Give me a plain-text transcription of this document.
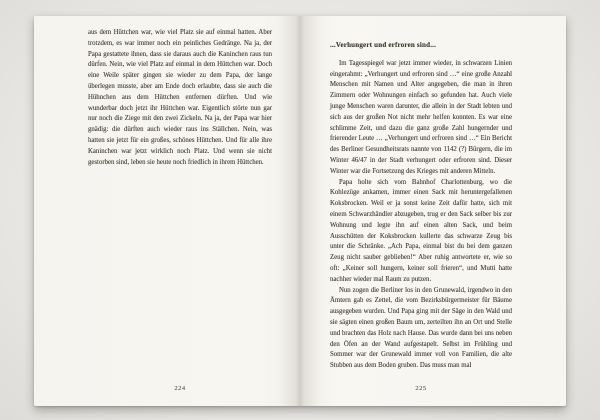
aus dem Hüttchen war, wie viel Platz sie auf einmal hatten. Aber trotzdem, es war immer noch ein peinliches Gedränge. Na ja, der Papa gestattete ihnen, dass sie daraus auch die Kaninchen raus tun dürfen. Nein, wie viel Platz auf einmal in dem Hüttchen war. Doch eine Weile später gingen sie wieder zu dem Papa, der lange überlegen musste, aber am Ende doch erlaubte, dass sie auch die Hühnchen aus dem Hüttchen entfernen dürften. Und wie wunderbar doch jetzt ihr Hüttchen war. Eigentlich störte nun gar nur noch die Ziege mit den zwei Zickeln. Na ja, der Papa war hier gnädig: die dürften auch wieder raus ins Ställchen. Nein, was hatten sie jetzt für ein großes, schönes Hüttchen. Und für alle ihre Kaninchen war jetzt wirklich noch Platz. Und wenn sie nicht gestorben sind, leben sie heute noch friedlich in ihrem Hüttchen.

224
...Verhungert und erfroren sind...

Im Tagesspiegel war jetzt immer wieder, in schwarzen Linien eingerahmt: „Verhungert und erfroren sind …“ eine große Anzahl Menschen mit Namen und Alter angegeben, die man in ihren Zimmern oder Wohnungen einfach so gefunden hat. Auch viele junge Menschen waren darunter, die allein in der Stadt lebten und sich aus der großen Not nicht mehr helfen konnten. Es war eine schlimme Zeit, und dazu die ganz große Zahl hungernder und frierender Leute … „Verhungert und erfroren sind …“ Ein Bericht des Berliner Gesundheitsrats nannte von 1142 (?) Bürgern, die im Winter 46/47 in der Stadt verhungert oder erfroren sind. Dieser Winter war die Fortsetzung des Krieges mit anderen Mitteln.

Papa holte sich vom Bahnhof Charlottenburg, wo die Kohlezüge ankamen, immer einen Sack mit heruntergefallenen Koksbrocken. Weil er ja sonst keine Zeit dafür hatte, sich mit einem Schwarzhändler abzugeben, trug er den Sack selber bis zur Wohnung und legte ihn auf einen alten Sack, und beim Ausschütten der Koksbrocken kullerte das schwarze Zeug bis unter die Schränke. „Ach Papa, einmal bist du bei dem ganzen Zeug nicht sauber geblieben!“ Aber ruhig antwortete er, wie so oft: „Keiner soll hungern, keiner soll frieren“, und Mutti hatte nachher wieder mal Raum zu putzen.

Nun zogen die Berliner los in den Grunewald, irgendwo in den Ämtern gab es Zettel, die vom Bezirksbürgermeister für Bäume ausgegeben wurden. Und Papa ging mit der Säge in den Wald und sie sägten einen großen Baum um, zerteilten ihn an Ort und Stelle und brachten das Holz nach Hause. Das wurde dann bei uns neben den Öfen an der Wand aufgestapelt. Selbst im Frühling und Sommer war der Grunewald immer voll von Familien, die alte Stubben aus dem Boden gruben. Das muss man mal

225
